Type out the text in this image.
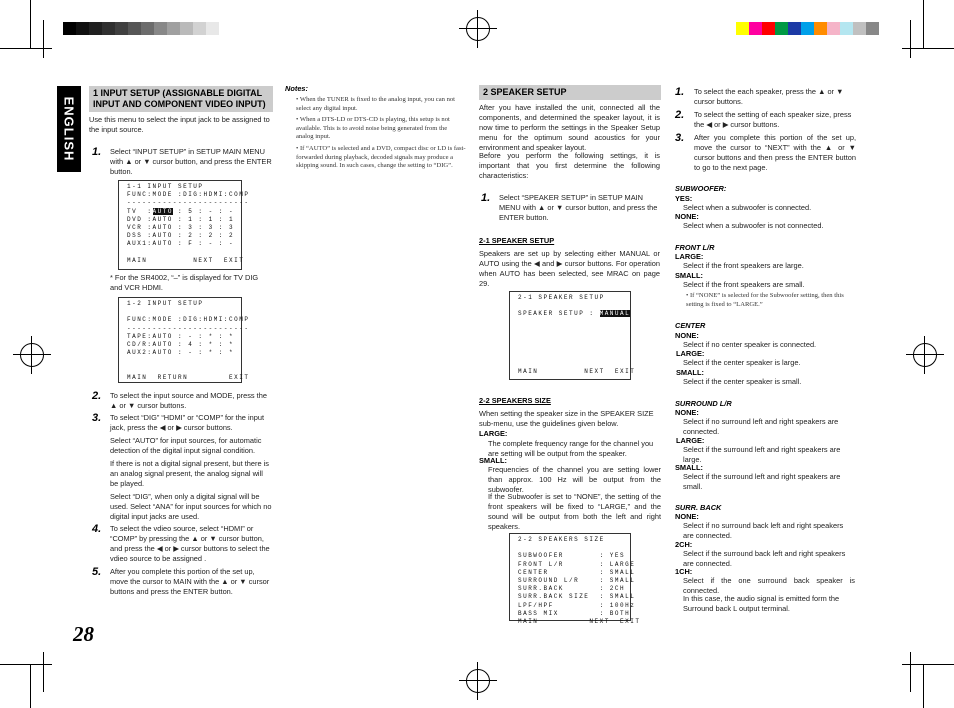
ENGLISH
28
1 INPUT SETUP (ASSIGNABLE DIGITAL INPUT AND COMPONENT VIDEO INPUT)
Use this menu to select the input jack to be assigned to the input source.
1. Select “INPUT SETUP” in SETUP MAIN MENU with ▲ or ▼ cursor button, and press the ENTER button.
1-1 INPUT SETUP
FUNC:MODE :DIG:HDMI:COMP
------------------------
TV  :AUTO : 5 : - : -
DVD :AUTO : 1 : 1 : 1
VCR :AUTO : 3 : 3 : 3
DSS :AUTO : 2 : 2 : 2
AUX1:AUTO : F : - : -

MAIN         NEXT  EXIT
* For the SR4002, “–” is displayed for TV DIG and VCR HDMI.
1-2 INPUT SETUP

FUNC:MODE :DIG:HDMI:COMP
------------------------
TAPE:AUTO : - : * : *
CD/R:AUTO : 4 : * : *
AUX2:AUTO : - : * : *

MAIN  RETURN        EXIT
2. To select the input source and MODE, press the ▲ or ▼ cursor buttons.
3. To select “DIG” “HDMI” or “COMP” for the input jack, press the ◀ or ▶ cursor buttons.
Select “AUTO” for input sources, for automatic detection of the digital input signal condition.
If there is not a digital signal present, but there is an analog signal present, the analog signal will be played.
Select “DIG”, when only a digital signal will be used. Select “ANA” for input sources for which no digital input jacks are used.
4. To select the vdieo source, select “HDMI” or “COMP” by pressing the ▲ or ▼ cursor button, and press the ◀ or ▶ cursor buttons to select the vdieo source to be assigned .
5. After you complete this portion of the set up, move the cursor to MAIN with the ▲ or ▼ cursor buttons and press the ENTER button.
Notes:
• When the TUNER is fixed to the analog input, you can not select any digital input.
• When a DTS-LD or DTS-CD is playing, this setup is not available. This is to avoid noise being generated from the analog input.
• If “AUTO” is selected and a DVD, compact disc or LD is fast-forwarded during playback, decoded signals may produce a skipping sound. In such cases, change the setting to “DIG”.
2 SPEAKER SETUP
After you have installed the unit, connected all the components, and determined the speaker layout, it is now time to perform the settings in the Speaker Setup menu for the optimum sound acoustics for your environment and speaker layout.
Before you perform the following settings, it is important that you first determine the following characteristics:
1. Select “SPEAKER SETUP” in SETUP MAIN MENU with ▲ or ▼ cursor button, and press the ENTER button.
2-1 SPEAKER SETUP
Speakers are set up by selecting either MANUAL or AUTO using the ◀ and ▶ cursor buttons. For operation when AUTO has been selected, see MRAC on page 29.
2-1 SPEAKER SETUP

SPEAKER SETUP : MANUAL

MAIN         NEXT  EXIT
2-2 SPEAKERS SIZE
When setting the speaker size in the SPEAKER SIZE sub-menu, use the guidelines given below.
LARGE:
The complete frequency range for the channel you are setting will be output from the speaker.
SMALL:
Frequencies of the channel you are setting lower than approx. 100 Hz will be output from the subwoofer.
If the Subwoofer is set to “NONE”, the setting of the front speakers will be fixed to “LARGE,” and the sound will be output from both the left and right speakers.
2-2 SPEAKERS SIZE

SUBWOOFER       : YES
FRONT L/R       : LARGE
CENTER          : SMALL
SURROUND L/R    : SMALL
SURR.BACK       : 2CH
SURR.BACK SIZE  : SMALL
LPF/HPF         : 100Hz
BASS MIX        : BOTH
MAIN          NEXT  EXIT
1. To select the each speaker, press the ▲ or ▼ cursor buttons.
2. To select the setting of each speaker size, press the ◀ or ▶ cursor buttons.
3. After you complete this portion of the set up, move the cursor to “NEXT” with the ▲ or ▼ cursor buttons and then press the ENTER button to go to the next page.
SUBWOOFER:
YES:
Select when a subwoofer is connected.
NONE:
Select when a subwoofer is not connected.
FRONT L/R
LARGE:
Select if the front speakers are large.
SMALL:
Select if the front speakers are small.
• If “NONE” is selected for the Subwoofer setting, then this setting is fixed to “LARGE.”
CENTER
NONE:
Select if no center speaker is connected.
LARGE:
Select if the center speaker is large.
SMALL:
Select if the center speaker is small.
SURROUND L/R
NONE:
Select if no surround left and right speakers are connected.
LARGE:
Select if the surround left and right speakers are large.
SMALL:
Select if the surround left and right speakers are small.
SURR. BACK
NONE:
Select if no surround back left and right speakers are connected.
2CH:
Select if the surround back left and right speakers are connected.
1CH:
Select if the one surround back speaker is connected.
In this case, the audio signal is emitted form the Surround back L output terminal.
